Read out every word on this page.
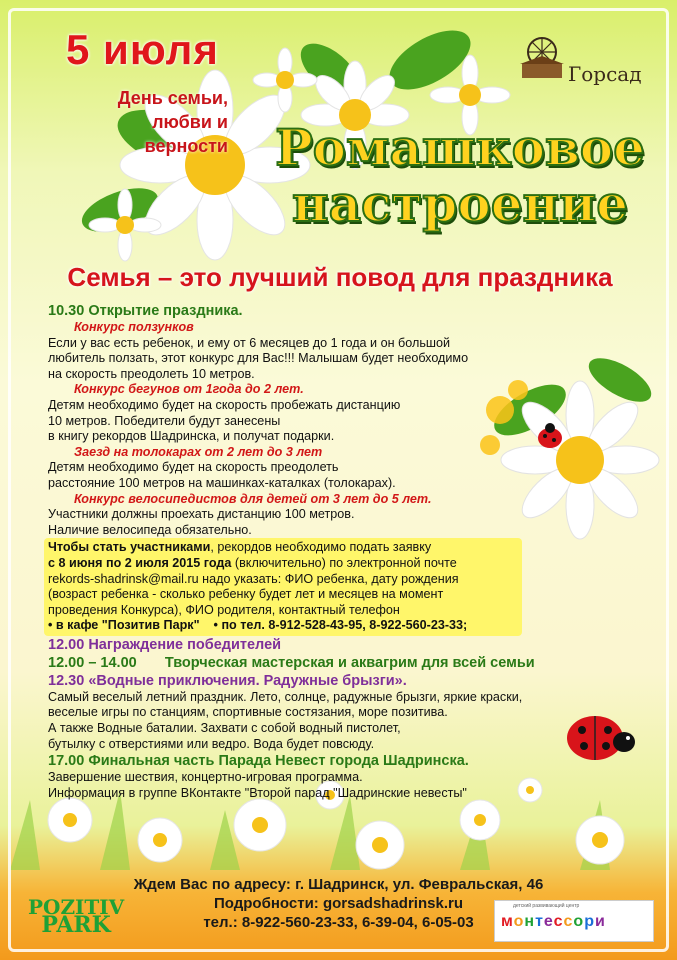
5 июля
День семьи,
любви и верности
Горсад
Ромашковое
настроение
Семья – это лучший повод для праздника
10.30 Открытие праздника.
Конкурс ползунков
Если у вас есть ребенок, и ему от 6 месяцев до 1 года и он большой
любитель ползать, этот конкурс для Вас!!! Малышам будет необходимо
на скорость преодолеть 10 метров.
Конкурс бегунов от 1года до 2 лет.
Детям необходимо будет на скорость пробежать дистанцию
10 метров. Победители будут занесены
в книгу рекордов Шадринска, и получат подарки.
Заезд на толокарах от 2 лет до 3 лет
Детям необходимо будет на скорость преодолеть
расстояние 100 метров на машинках-каталках (толокарах).
Конкурс велосипедистов для детей от 3 лет до 5 лет.
Участники должны проехать дистанцию 100 метров.
Наличие велосипеда обязательно.
Чтобы стать участниками, рекордов необходимо подать заявку
с 8 июня по 2 июля 2015 года (включительно) по электронной почте
rekords-shadrinsk@mail.ru надо указать: ФИО ребенка, дату рождения
(возраст ребенка - сколько ребенку будет лет и месяцев на момент
проведения Конкурса), ФИО родителя, контактный телефон
• в кафе "Позитив Парк" • по тел. 8-912-528-43-95, 8-922-560-23-33;
12.00 Награждение победителей
12.00 – 14.00 Творческая мастерская и аквагрим для всей семьи
12.30 «Водные приключения. Радужные брызги».
Самый веселый летний праздник. Лето, солнце, радужные брызги, яркие краски,
веселые игры по станциям, спортивные состязания, море позитива.
А также Водные баталии. Захвати с собой водный пистолет,
бутылку с отверстиями или ведро. Вода будет повсюду.
17.00 Финальная часть Парада Невест города Шадринска.
Завершение шествия, концертно-игровая программа.
Информация в группе ВКонтакте "Второй парад "Шадринские невесты"
Ждем Вас по адресу: г. Шадринск, ул. Февральская, 46
Подробности: gorsadshadrinsk.ru
тел.: 8-922-560-23-33, 6-39-04, 6-05-03
POZITIV
PARK
детский развивающий центр
монтессори
